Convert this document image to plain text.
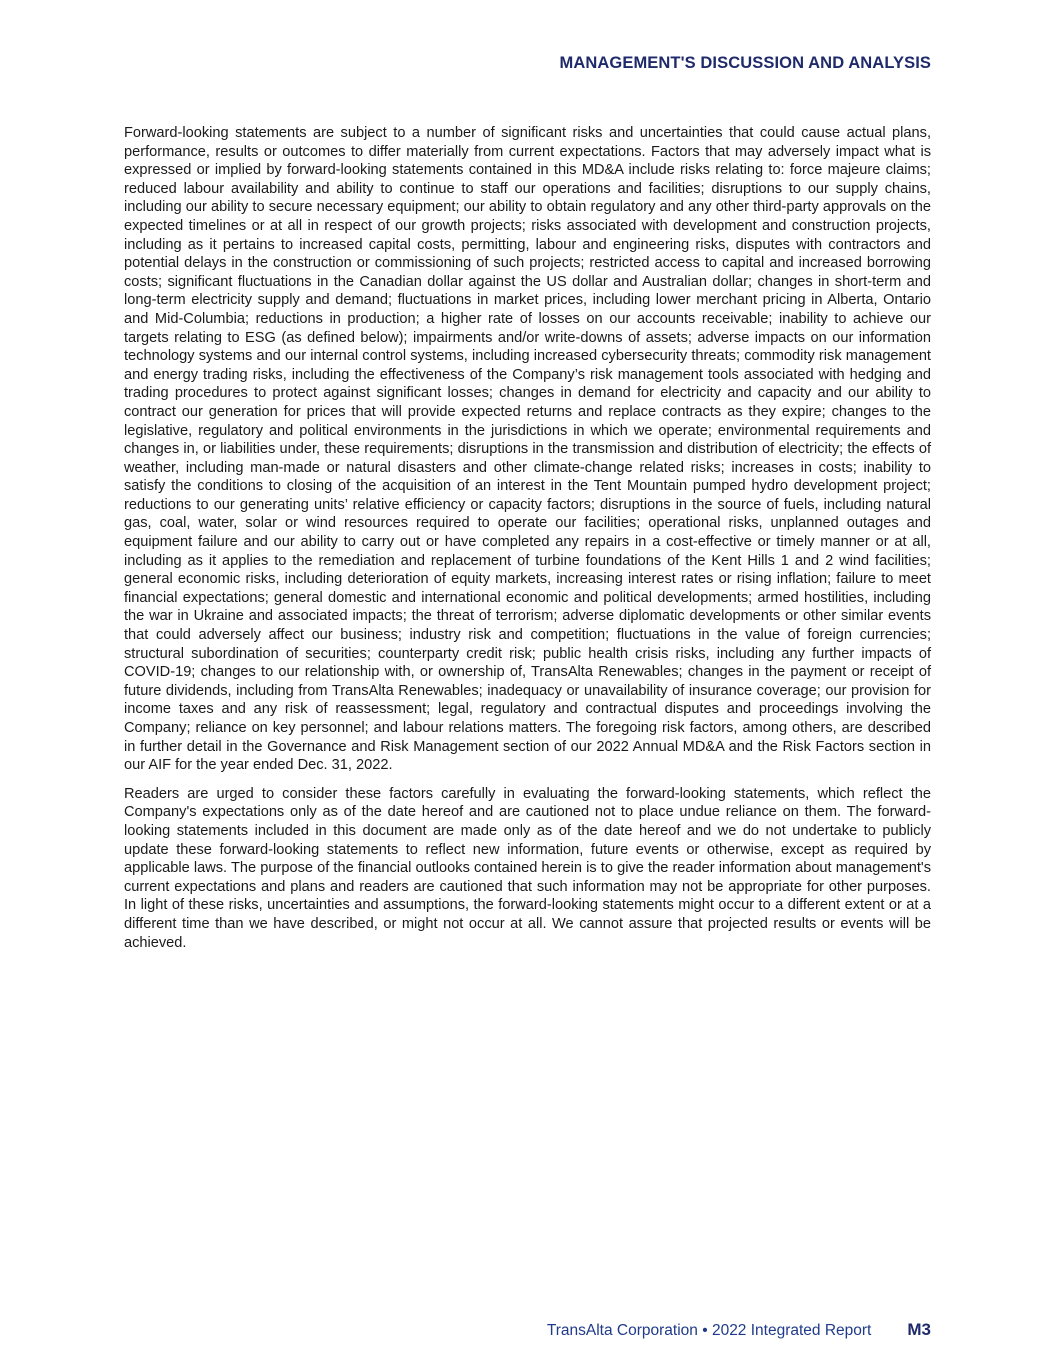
MANAGEMENT'S DISCUSSION AND ANALYSIS

Forward-looking statements are subject to a number of significant risks and uncertainties that could cause actual plans, performance, results or outcomes to differ materially from current expectations. Factors that may adversely impact what is expressed or implied by forward-looking statements contained in this MD&A include risks relating to: force majeure claims; reduced labour availability and ability to continue to staff our operations and facilities; disruptions to our supply chains, including our ability to secure necessary equipment; our ability to obtain regulatory and any other third-party approvals on the expected timelines or at all in respect of our growth projects; risks associated with development and construction projects, including as it pertains to increased capital costs, permitting, labour and engineering risks, disputes with contractors and potential delays in the construction or commissioning of such projects; restricted access to capital and increased borrowing costs; significant fluctuations in the Canadian dollar against the US dollar and Australian dollar; changes in short-term and long-term electricity supply and demand; fluctuations in market prices, including lower merchant pricing in Alberta, Ontario and Mid-Columbia; reductions in production; a higher rate of losses on our accounts receivable; inability to achieve our targets relating to ESG (as defined below); impairments and/or write-downs of assets; adverse impacts on our information technology systems and our internal control systems, including increased cybersecurity threats; commodity risk management and energy trading risks, including the effectiveness of the Company’s risk management tools associated with hedging and trading procedures to protect against significant losses; changes in demand for electricity and capacity and our ability to contract our generation for prices that will provide expected returns and replace contracts as they expire; changes to the legislative, regulatory and political environments in the jurisdictions in which we operate; environmental requirements and changes in, or liabilities under, these requirements; disruptions in the transmission and distribution of electricity; the effects of weather, including man-made or natural disasters and other climate-change related risks; increases in costs; inability to satisfy the conditions to closing of the acquisition of an interest in the Tent Mountain pumped hydro development project; reductions to our generating units’ relative efficiency or capacity factors; disruptions in the source of fuels, including natural gas, coal, water, solar or wind resources required to operate our facilities; operational risks, unplanned outages and equipment failure and our ability to carry out or have completed any repairs in a cost-effective or timely manner or at all, including as it applies to the remediation and replacement of turbine foundations of the Kent Hills 1 and 2 wind facilities; general economic risks, including deterioration of equity markets, increasing interest rates or rising inflation; failure to meet financial expectations; general domestic and international economic and political developments; armed hostilities, including the war in Ukraine and associated impacts; the threat of terrorism; adverse diplomatic developments or other similar events that could adversely affect our business; industry risk and competition; fluctuations in the value of foreign currencies; structural subordination of securities; counterparty credit risk; public health crisis risks, including any further impacts of COVID-19; changes to our relationship with, or ownership of, TransAlta Renewables; changes in the payment or receipt of future dividends, including from TransAlta Renewables; inadequacy or unavailability of insurance coverage; our provision for income taxes and any risk of reassessment; legal, regulatory and contractual disputes and proceedings involving the Company; reliance on key personnel; and labour relations matters. The foregoing risk factors, among others, are described in further detail in the Governance and Risk Management section of our 2022 Annual MD&A and the Risk Factors section in our AIF for the year ended Dec. 31, 2022.

Readers are urged to consider these factors carefully in evaluating the forward-looking statements, which reflect the Company's expectations only as of the date hereof and are cautioned not to place undue reliance on them. The forward-looking statements included in this document are made only as of the date hereof and we do not undertake to publicly update these forward-looking statements to reflect new information, future events or otherwise, except as required by applicable laws. The purpose of the financial outlooks contained herein is to give the reader information about management's current expectations and plans and readers are cautioned that such information may not be appropriate for other purposes. In light of these risks, uncertainties and assumptions, the forward-looking statements might occur to a different extent or at a different time than we have described, or might not occur at all. We cannot assure that projected results or events will be achieved.

TransAlta Corporation • 2022 Integrated Report M3
